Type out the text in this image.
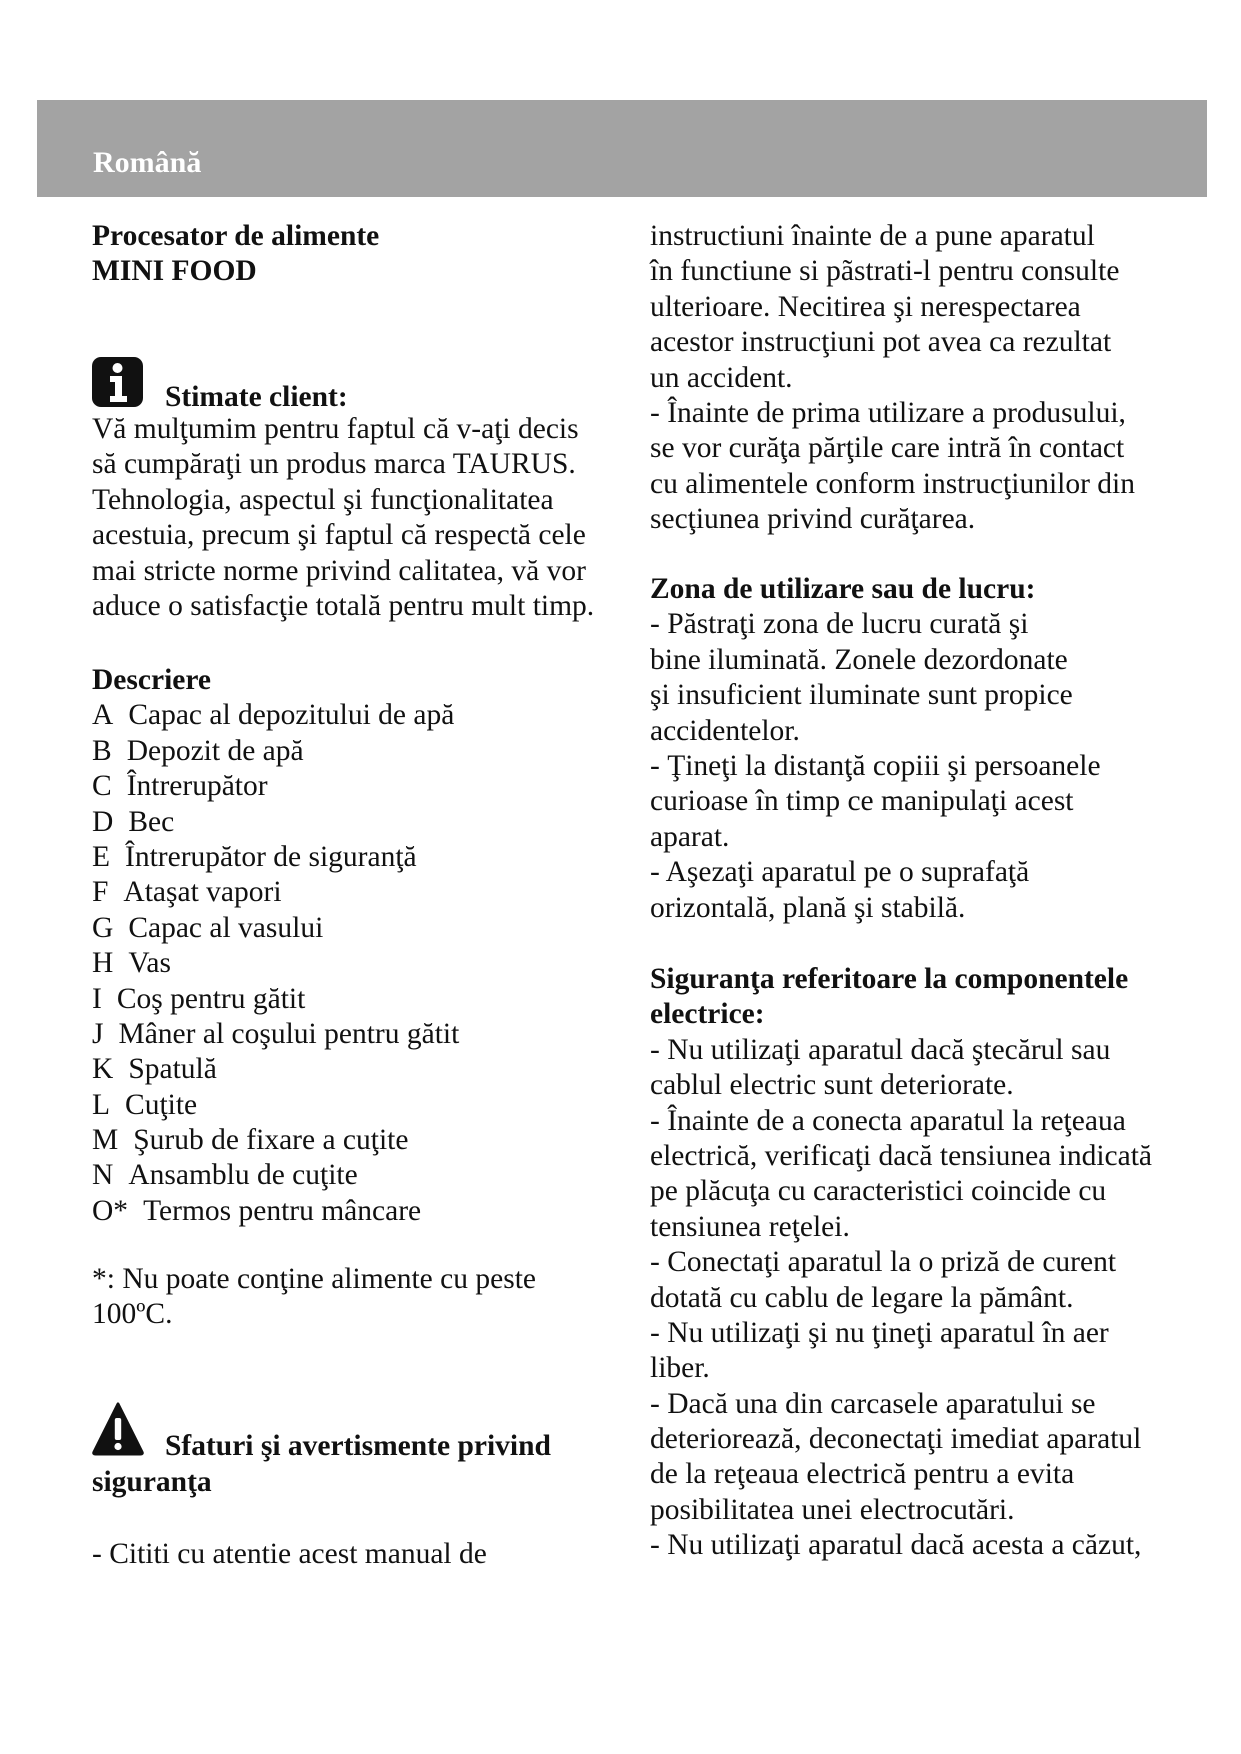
Română
Procesator de alimente
MINI FOOD
Stimate client:
Vă mulţumim pentru faptul că v-aţi decis
să cumpăraţi un produs marca TAURUS.
Tehnologia, aspectul şi funcţionalitatea
acestuia, precum şi faptul că respectă cele
mai stricte norme privind calitatea, vă vor
aduce o satisfacţie totală pentru mult timp.
Descriere
A Capac al depozitului de apă
B Depozit de apă
C Întrerupător
D Bec
E Întrerupător de siguranţă
F Ataşat vapori
G Capac al vasului
H Vas
I Coş pentru gătit
J Mâner al coşului pentru gătit
K Spatulă
L Cuţite
M Şurub de fixare a cuţite
N Ansamblu de cuţite
O* Termos pentru mâncare
*: Nu poate conţine alimente cu peste
100ºC.
Sfaturi şi avertismente privind
siguranţa
- Cititi cu atentie acest manual de
instructiuni înainte de a pune aparatul
în functiune si pãstrati-l pentru consulte
ulterioare. Necitirea şi nerespectarea
acestor instrucţiuni pot avea ca rezultat
un accident.
- Înainte de prima utilizare a produsului,
se vor curăţa părţile care intră în contact
cu alimentele conform instrucţiunilor din
secţiunea privind curăţarea.
Zona de utilizare sau de lucru:
- Păstraţi zona de lucru curată şi
bine iluminată. Zonele dezordonate
şi insuficient iluminate sunt propice
accidentelor.
- Ţineţi la distanţă copiii şi persoanele
curioase în timp ce manipulaţi acest
aparat.
- Aşezaţi aparatul pe o suprafaţă
orizontală, plană şi stabilă.
Siguranţa referitoare la componentele
electrice:
- Nu utilizaţi aparatul dacă ştecărul sau
cablul electric sunt deteriorate.
- Înainte de a conecta aparatul la reţeaua
electrică, verificaţi dacă tensiunea indicată
pe plăcuţa cu caracteristici coincide cu
tensiunea reţelei.
- Conectaţi aparatul la o priză de curent
dotată cu cablu de legare la pământ.
- Nu utilizaţi şi nu ţineţi aparatul în aer
liber.
- Dacă una din carcasele aparatului se
deteriorează, deconectaţi imediat aparatul
de la reţeaua electrică pentru a evita
posibilitatea unei electrocutări.
- Nu utilizaţi aparatul dacă acesta a căzut,
